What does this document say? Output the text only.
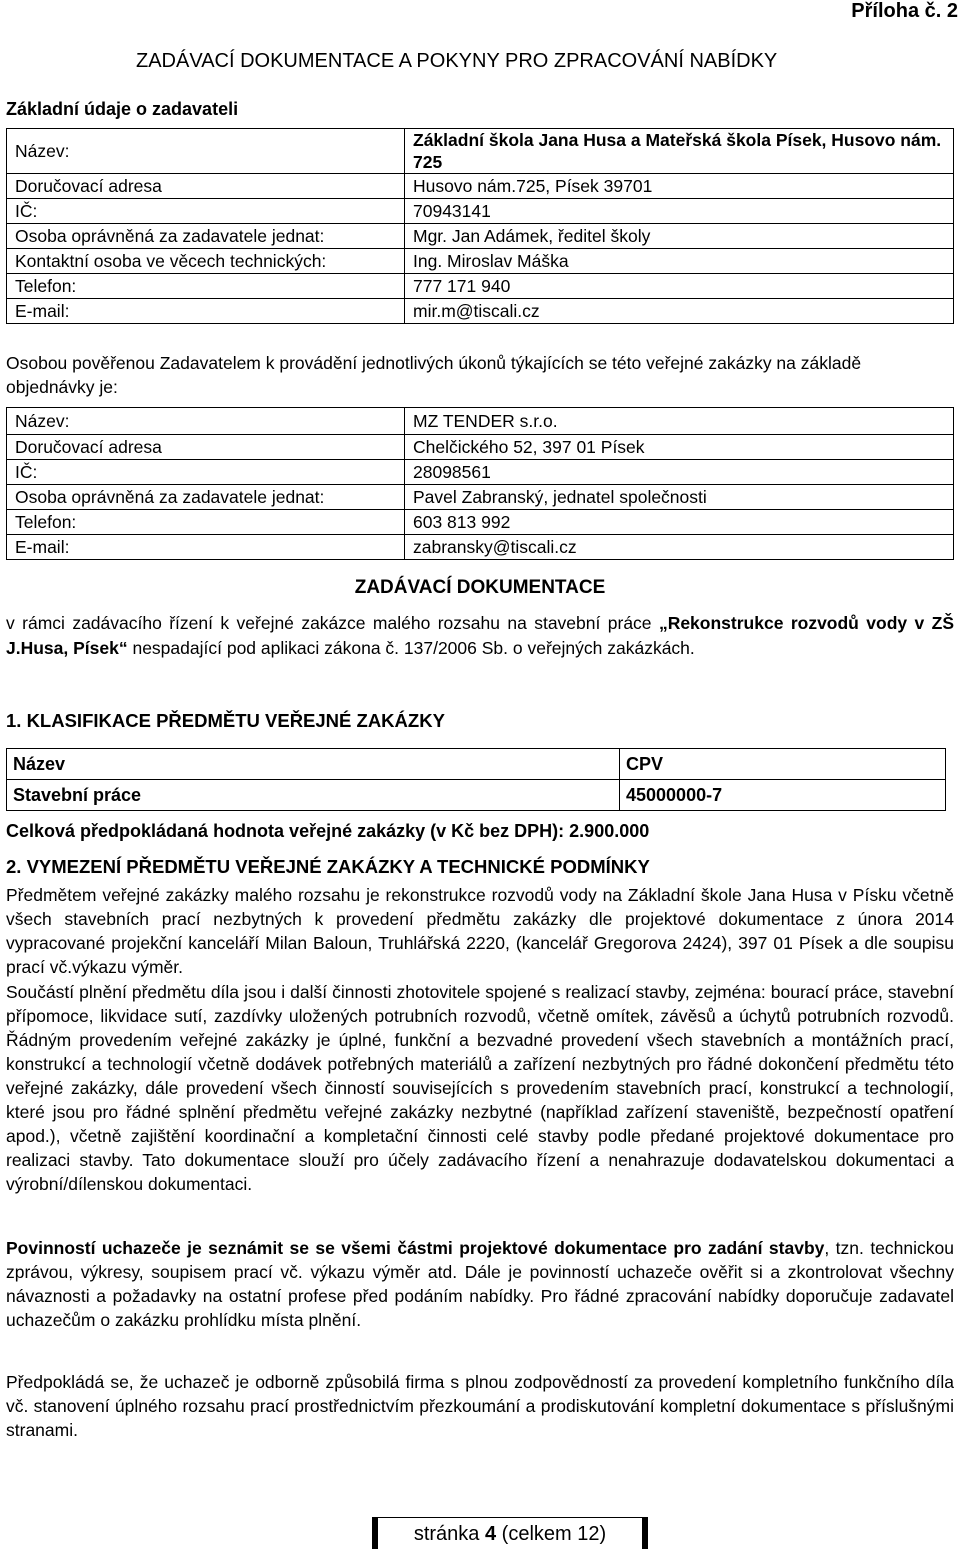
Příloha č. 2
ZADÁVACÍ DOKUMENTACE A POKYNY PRO ZPRACOVÁNÍ NABÍDKY
Základní údaje o zadavateli
Název:	Základní škola Jana Husa a Mateřská škola Písek, Husovo nám. 725
Doručovací adresa	Husovo nám.725, Písek 39701
IČ:	70943141
Osoba oprávněná za zadavatele jednat:	Mgr. Jan Adámek, ředitel školy
Kontaktní osoba ve věcech technických:	Ing. Miroslav Máška
Telefon:	777 171 940
E-mail:	mir.m@tiscali.cz
Osobou pověřenou Zadavatelem k provádění jednotlivých úkonů týkajících se této veřejné zakázky na základě objednávky je:
Název:	MZ TENDER s.r.o.
Doručovací adresa	Chelčického 52, 397 01 Písek
IČ:	28098561
Osoba oprávněná za zadavatele jednat:	Pavel Zabranský, jednatel společnosti
Telefon:	603 813 992
E-mail:	zabransky@tiscali.cz
ZADÁVACÍ DOKUMENTACE
v rámci zadávacího řízení k veřejné zakázce malého rozsahu na stavební práce „Rekonstrukce rozvodů vody v ZŠ J.Husa, Písek“ nespadající pod aplikaci zákona č. 137/2006 Sb. o veřejných zakázkách.
1. KLASIFIKACE PŘEDMĚTU VEŘEJNÉ ZAKÁZKY
Název	CPV
Stavební práce	45000000-7
Celková předpokládaná hodnota veřejné zakázky (v Kč bez DPH): 2.900.000
2. VYMEZENÍ PŘEDMĚTU VEŘEJNÉ ZAKÁZKY A TECHNICKÉ PODMÍNKY
Předmětem veřejné zakázky malého rozsahu je rekonstrukce rozvodů vody na Základní škole Jana Husa v Písku včetně všech stavebních prací nezbytných k provedení předmětu zakázky dle projektové dokumentace z února 2014 vypracované projekční kanceláří Milan Baloun, Truhlářská 2220, (kancelář Gregorova 2424), 397 01 Písek a dle soupisu prací vč.výkazu výměr.
Součástí plnění předmětu díla jsou i další činnosti zhotovitele spojené s realizací stavby, zejména: bourací práce, stavební přípomoce, likvidace sutí, zazdívky uložených potrubních rozvodů, včetně omítek, závěsů a úchytů potrubních rozvodů. Řádným provedením veřejné zakázky je úplné, funkční a bezvadné provedení všech stavebních a montážních prací, konstrukcí a technologií včetně dodávek potřebných materiálů a zařízení nezbytných pro řádné dokončení předmětu této veřejné zakázky, dále provedení všech činností souvisejících s provedením stavebních prací, konstrukcí a technologií, které jsou pro řádné splnění předmětu veřejné zakázky nezbytné (například zařízení staveniště, bezpečností opatření apod.), včetně zajištění koordinační a kompletační činnosti celé stavby podle předané projektové dokumentace pro realizaci stavby. Tato dokumentace slouží pro účely zadávacího řízení a nenahrazuje dodavatelskou dokumentaci a výrobní/dílenskou dokumentaci.
Povinností uchazeče je seznámit se se všemi částmi projektové dokumentace pro zadání stavby, tzn. technickou zprávou, výkresy, soupisem prací vč. výkazu výměr atd. Dále je povinností uchazeče ověřit si a zkontrolovat všechny návaznosti a požadavky na ostatní profese před podáním nabídky. Pro řádné zpracování nabídky doporučuje zadavatel uchazečům o zakázku prohlídku místa plnění.
Předpokládá se, že uchazeč je odborně způsobilá firma s plnou zodpovědností za provedení kompletního funkčního díla vč. stanovení úplného rozsahu prací prostřednictvím přezkoumání a prodiskutování kompletní dokumentace s příslušnými stranami.
stránka 4 (celkem 12)
